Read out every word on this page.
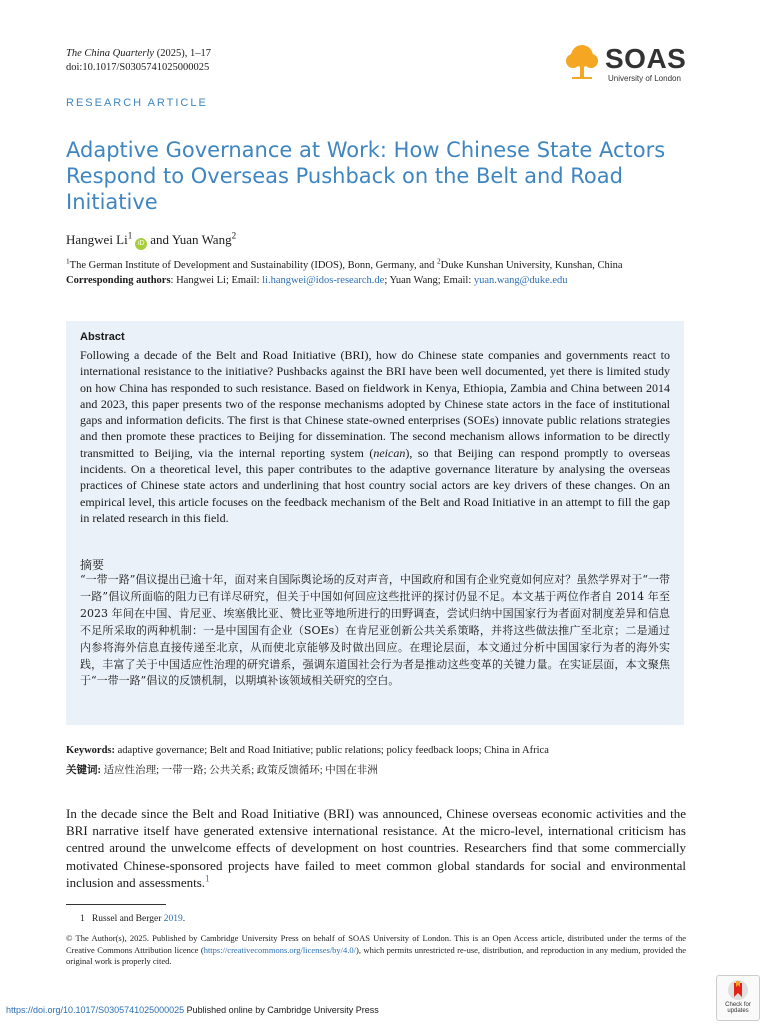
The China Quarterly (2025), 1–17
doi:10.1017/S0305741025000025	SOAS
University of London
RESEARCH ARTICLE
Adaptive Governance at Work: How Chinese State Actors Respond to Overseas Pushback on the Belt and Road Initiative
Hangwei Li$^1$iD and Yuan Wang$^2$
$^1$The German Institute of Development and Sustainability (IDOS), Bonn, Germany, and $^2$Duke Kunshan University, Kunshan, China
Corresponding authors: Hangwei Li; Email: li.hangwei@idos-research.de; Yuan Wang; Email: yuan.wang@duke.edu
Abstract
Following a decade of the Belt and Road Initiative (BRI), how do Chinese state companies and governments react to international resistance to the initiative? Pushbacks against the BRI have been well documented, yet there is limited study on how China has responded to such resistance. Based on fieldwork in Kenya, Ethiopia, Zambia and China between 2014 and 2023, this paper presents two of the response mechanisms adopted by Chinese state actors in the face of institutional gaps and information deficits. The first is that Chinese state-owned enterprises (SOEs) innovate public relations strategies and then promote these practices to Beijing for dissemination. The second mechanism allows information to be directly transmitted to Beijing, via the internal reporting system (neican), so that Beijing can respond promptly to overseas incidents. On a theoretical level, this paper contributes to the adaptive governance literature by analysing the overseas practices of Chinese state actors and underlining that host country social actors are key drivers of these changes. On an empirical level, this article focuses on the feedback mechanism of the Belt and Road Initiative in an attempt to fill the gap in related research in this field.
摘要
“一带一路”倡议提出已逾十年，面对来自国际舆论场的反对声音，中国政府和国有企业究竟如何应对？虽然学界对于“一带一路”倡议所面临的阻力已有详尽研究，但关于中国如何回应这些批评的探讨仍显不足。本文基于两位作者自 2014 年至 2023 年间在中国、肯尼亚、埃塞俄比亚、赞比亚等地所进行的田野调查，尝试归纳中国国家行为者面对制度差异和信息不足所采取的两种机制：一是中国国有企业（SOEs）在肯尼亚创新公共关系策略，并将这些做法推广至北京；二是通过内参将海外信息直接传递至北京，从而使北京能够及时做出回应。在理论层面，本文通过分析中国国家行为者的海外实践，丰富了关于中国适应性治理的研究谱系，强调东道国社会行为者是推动这些变革的关键力量。在实证层面，本文聚焦于“一带一路”倡议的反馈机制，以期填补该领域相关研究的空白。
Keywords: adaptive governance; Belt and Road Initiative; public relations; policy feedback loops; China in Africa
关键词: 适应性治理; 一带一路; 公共关系; 政策反馈循环; 中国在非洲
In the decade since the Belt and Road Initiative (BRI) was announced, Chinese overseas economic activities and the BRI narrative itself have generated extensive international resistance. At the micro-level, international criticism has centred around the unwelcome effects of development on host countries. Researchers find that some commercially motivated Chinese-sponsored projects have failed to meet common global standards for social and environmental inclusion and assessments.$^1$
1 Russel and Berger 2019.
© The Author(s), 2025. Published by Cambridge University Press on behalf of SOAS University of London. This is an Open Access article, distributed under the terms of the Creative Commons Attribution licence (https://creativecommons.org/licenses/by/4.0/), which permits unrestricted re-use, distribution, and reproduction in any medium, provided the original work is properly cited.
https://doi.org/10.1017/S0305741025000025 Published online by Cambridge University Press	Check for
updates
